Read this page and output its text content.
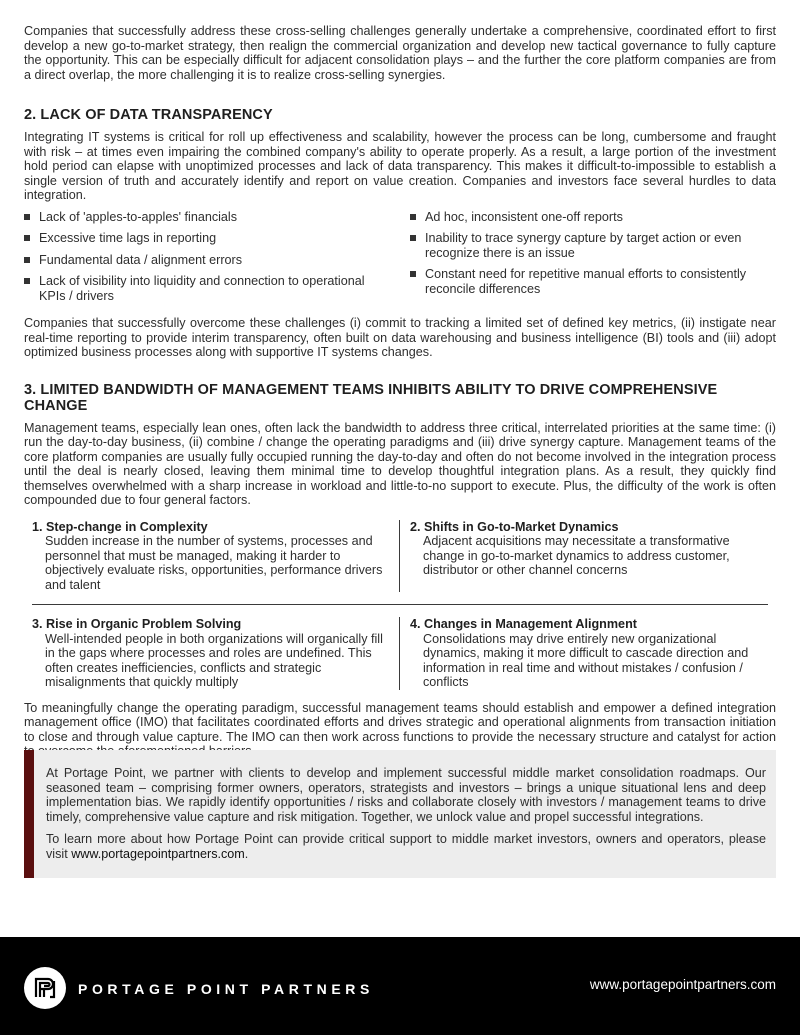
Companies that successfully address these cross-selling challenges generally undertake a comprehensive, coordinated effort to first develop a new go-to-market strategy, then realign the commercial organization and develop new tactical governance to fully capture the opportunity. This can be especially difficult for adjacent consolidation plays – and the further the core platform companies are from a direct overlap, the more challenging it is to realize cross-selling synergies.

2. LACK OF DATA TRANSPARENCY

Integrating IT systems is critical for roll up effectiveness and scalability, however the process can be long, cumbersome and fraught with risk – at times even impairing the combined company's ability to operate properly. As a result, a large portion of the investment hold period can elapse with unoptimized processes and lack of data transparency. This makes it difficult-to-impossible to establish a single version of truth and accurately identify and report on value creation. Companies and investors face several hurdles to data integration.

Lack of 'apples-to-apples' financials
Excessive time lags in reporting
Fundamental data / alignment errors
Lack of visibility into liquidity and connection to operational KPIs / drivers
Ad hoc, inconsistent one-off reports
Inability to trace synergy capture by target action or even recognize there is an issue
Constant need for repetitive manual efforts to consistently reconcile differences

Companies that successfully overcome these challenges (i) commit to tracking a limited set of defined key metrics, (ii) instigate near real-time reporting to provide interim transparency, often built on data warehousing and business intelligence (BI) tools and (iii) adopt optimized business processes along with supportive IT systems changes.

3. LIMITED BANDWIDTH OF MANAGEMENT TEAMS INHIBITS ABILITY TO DRIVE COMPREHENSIVE CHANGE

Management teams, especially lean ones, often lack the bandwidth to address three critical, interrelated priorities at the same time: (i) run the day-to-day business, (ii) combine / change the operating paradigms and (iii) drive synergy capture. Management teams of the core platform companies are usually fully occupied running the day-to-day and often do not become involved in the integration process until the deal is nearly closed, leaving them minimal time to develop thoughtful integration plans. As a result, they quickly find themselves overwhelmed with a sharp increase in workload and little-to-no support to execute. Plus, the difficulty of the work is often compounded due to four general factors.

1. Step-change in Complexity
Sudden increase in the number of systems, processes and personnel that must be managed, making it harder to objectively evaluate risks, opportunities, performance drivers and talent
2. Shifts in Go-to-Market Dynamics
Adjacent acquisitions may necessitate a transformative change in go-to-market dynamics to address customer, distributor or other channel concerns
3. Rise in Organic Problem Solving
Well-intended people in both organizations will organically fill in the gaps where processes and roles are undefined. This often creates inefficiencies, conflicts and strategic misalignments that quickly multiply
4. Changes in Management Alignment
Consolidations may drive entirely new organizational dynamics, making it more difficult to cascade direction and information in real time and without mistakes / confusion / conflicts

To meaningfully change the operating paradigm, successful management teams should establish and empower a defined integration management office (IMO) that facilitates coordinated efforts and drives strategic and operational alignments from transaction initiation to close and through value capture. The IMO can then work across functions to provide the necessary structure and catalyst for action

At Portage Point, we partner with clients to develop and implement successful middle market consolidation roadmaps. Our seasoned team – comprising former owners, operators, strategists and investors – brings a unique situational lens and deep implementation bias. We rapidly identify opportunities / risks and collaborate closely with investors / management teams to drive timely, comprehensive value capture and risk mitigation. Together, we unlock value and propel successful integrations.

To learn more about how Portage Point can provide critical support to middle market investors, owners and operators, please visit www.portagepointpartners.com.

PORTAGE POINT PARTNERS	www.portagepointpartners.com
